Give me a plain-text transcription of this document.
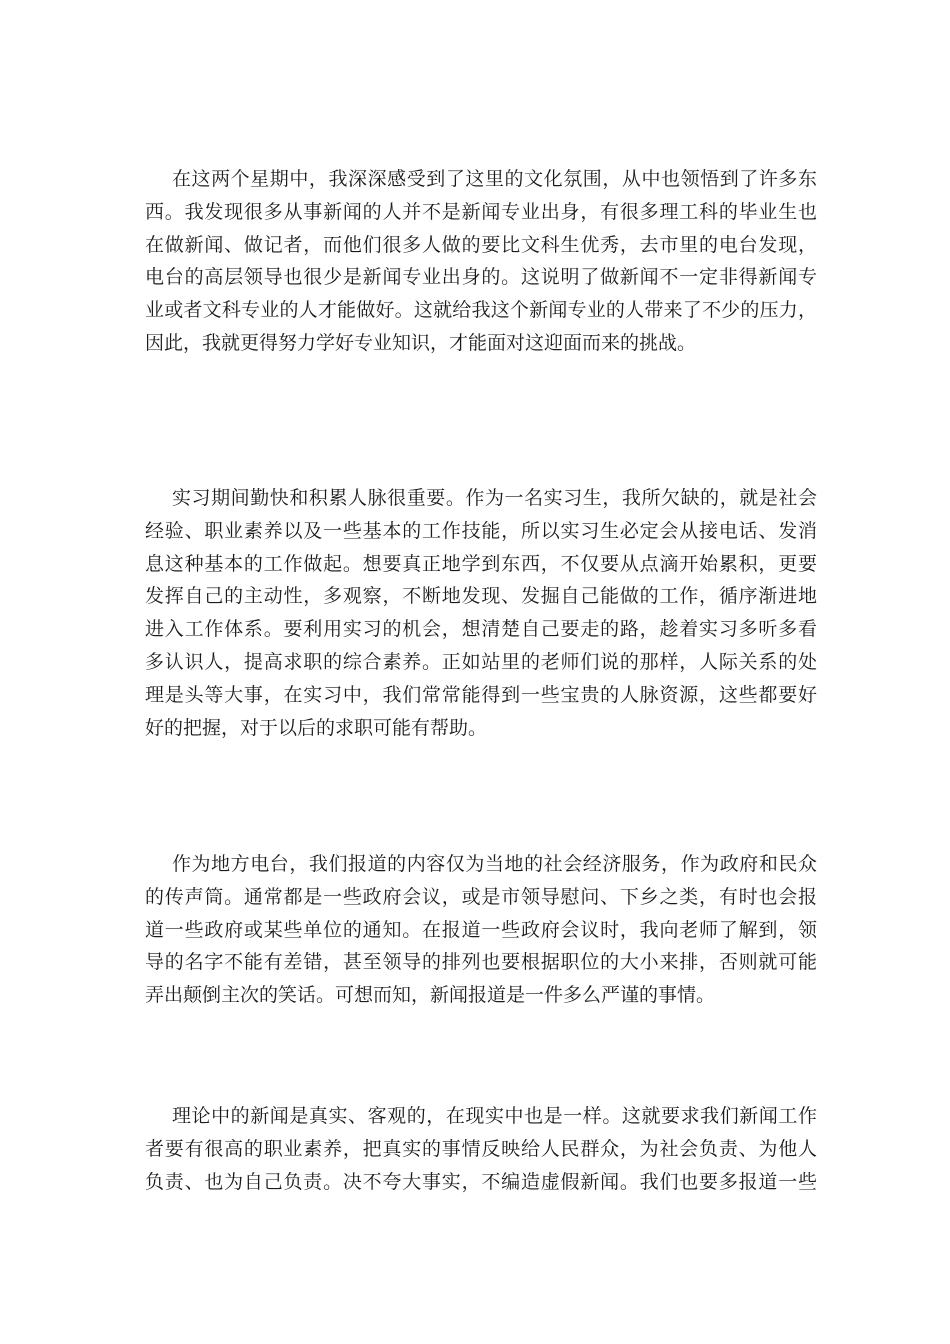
在这两个星期中，我深深感受到了这里的文化氛围，从中也领悟到了许多东
西。我发现很多从事新闻的人并不是新闻专业出身，有很多理工科的毕业生也
在做新闻、做记者，而他们很多人做的要比文科生优秀，去市里的电台发现，
电台的高层领导也很少是新闻专业出身的。这说明了做新闻不一定非得新闻专
业或者文科专业的人才能做好。这就给我这个新闻专业的人带来了不少的压力，
因此，我就更得努力学好专业知识，才能面对这迎面而来的挑战。
实习期间勤快和积累人脉很重要。作为一名实习生，我所欠缺的，就是社会
经验、职业素养以及一些基本的工作技能，所以实习生必定会从接电话、发消
息这种基本的工作做起。想要真正地学到东西，不仅要从点滴开始累积，更要
发挥自己的主动性，多观察，不断地发现、发掘自己能做的工作，循序渐进地
进入工作体系。要利用实习的机会，想清楚自己要走的路，趁着实习多听多看
多认识人，提高求职的综合素养。正如站里的老师们说的那样，人际关系的处
理是头等大事，在实习中，我们常常能得到一些宝贵的人脉资源，这些都要好
好的把握，对于以后的求职可能有帮助。
作为地方电台，我们报道的内容仅为当地的社会经济服务，作为政府和民众
的传声筒。通常都是一些政府会议，或是市领导慰问、下乡之类，有时也会报
道一些政府或某些单位的通知。在报道一些政府会议时，我向老师了解到，领
导的名字不能有差错，甚至领导的排列也要根据职位的大小来排，否则就可能
弄出颠倒主次的笑话。可想而知，新闻报道是一件多么严谨的事情。
理论中的新闻是真实、客观的，在现实中也是一样。这就要求我们新闻工作
者要有很高的职业素养，把真实的事情反映给人民群众，为社会负责、为他人
负责、也为自己负责。决不夸大事实，不编造虚假新闻。我们也要多报道一些
